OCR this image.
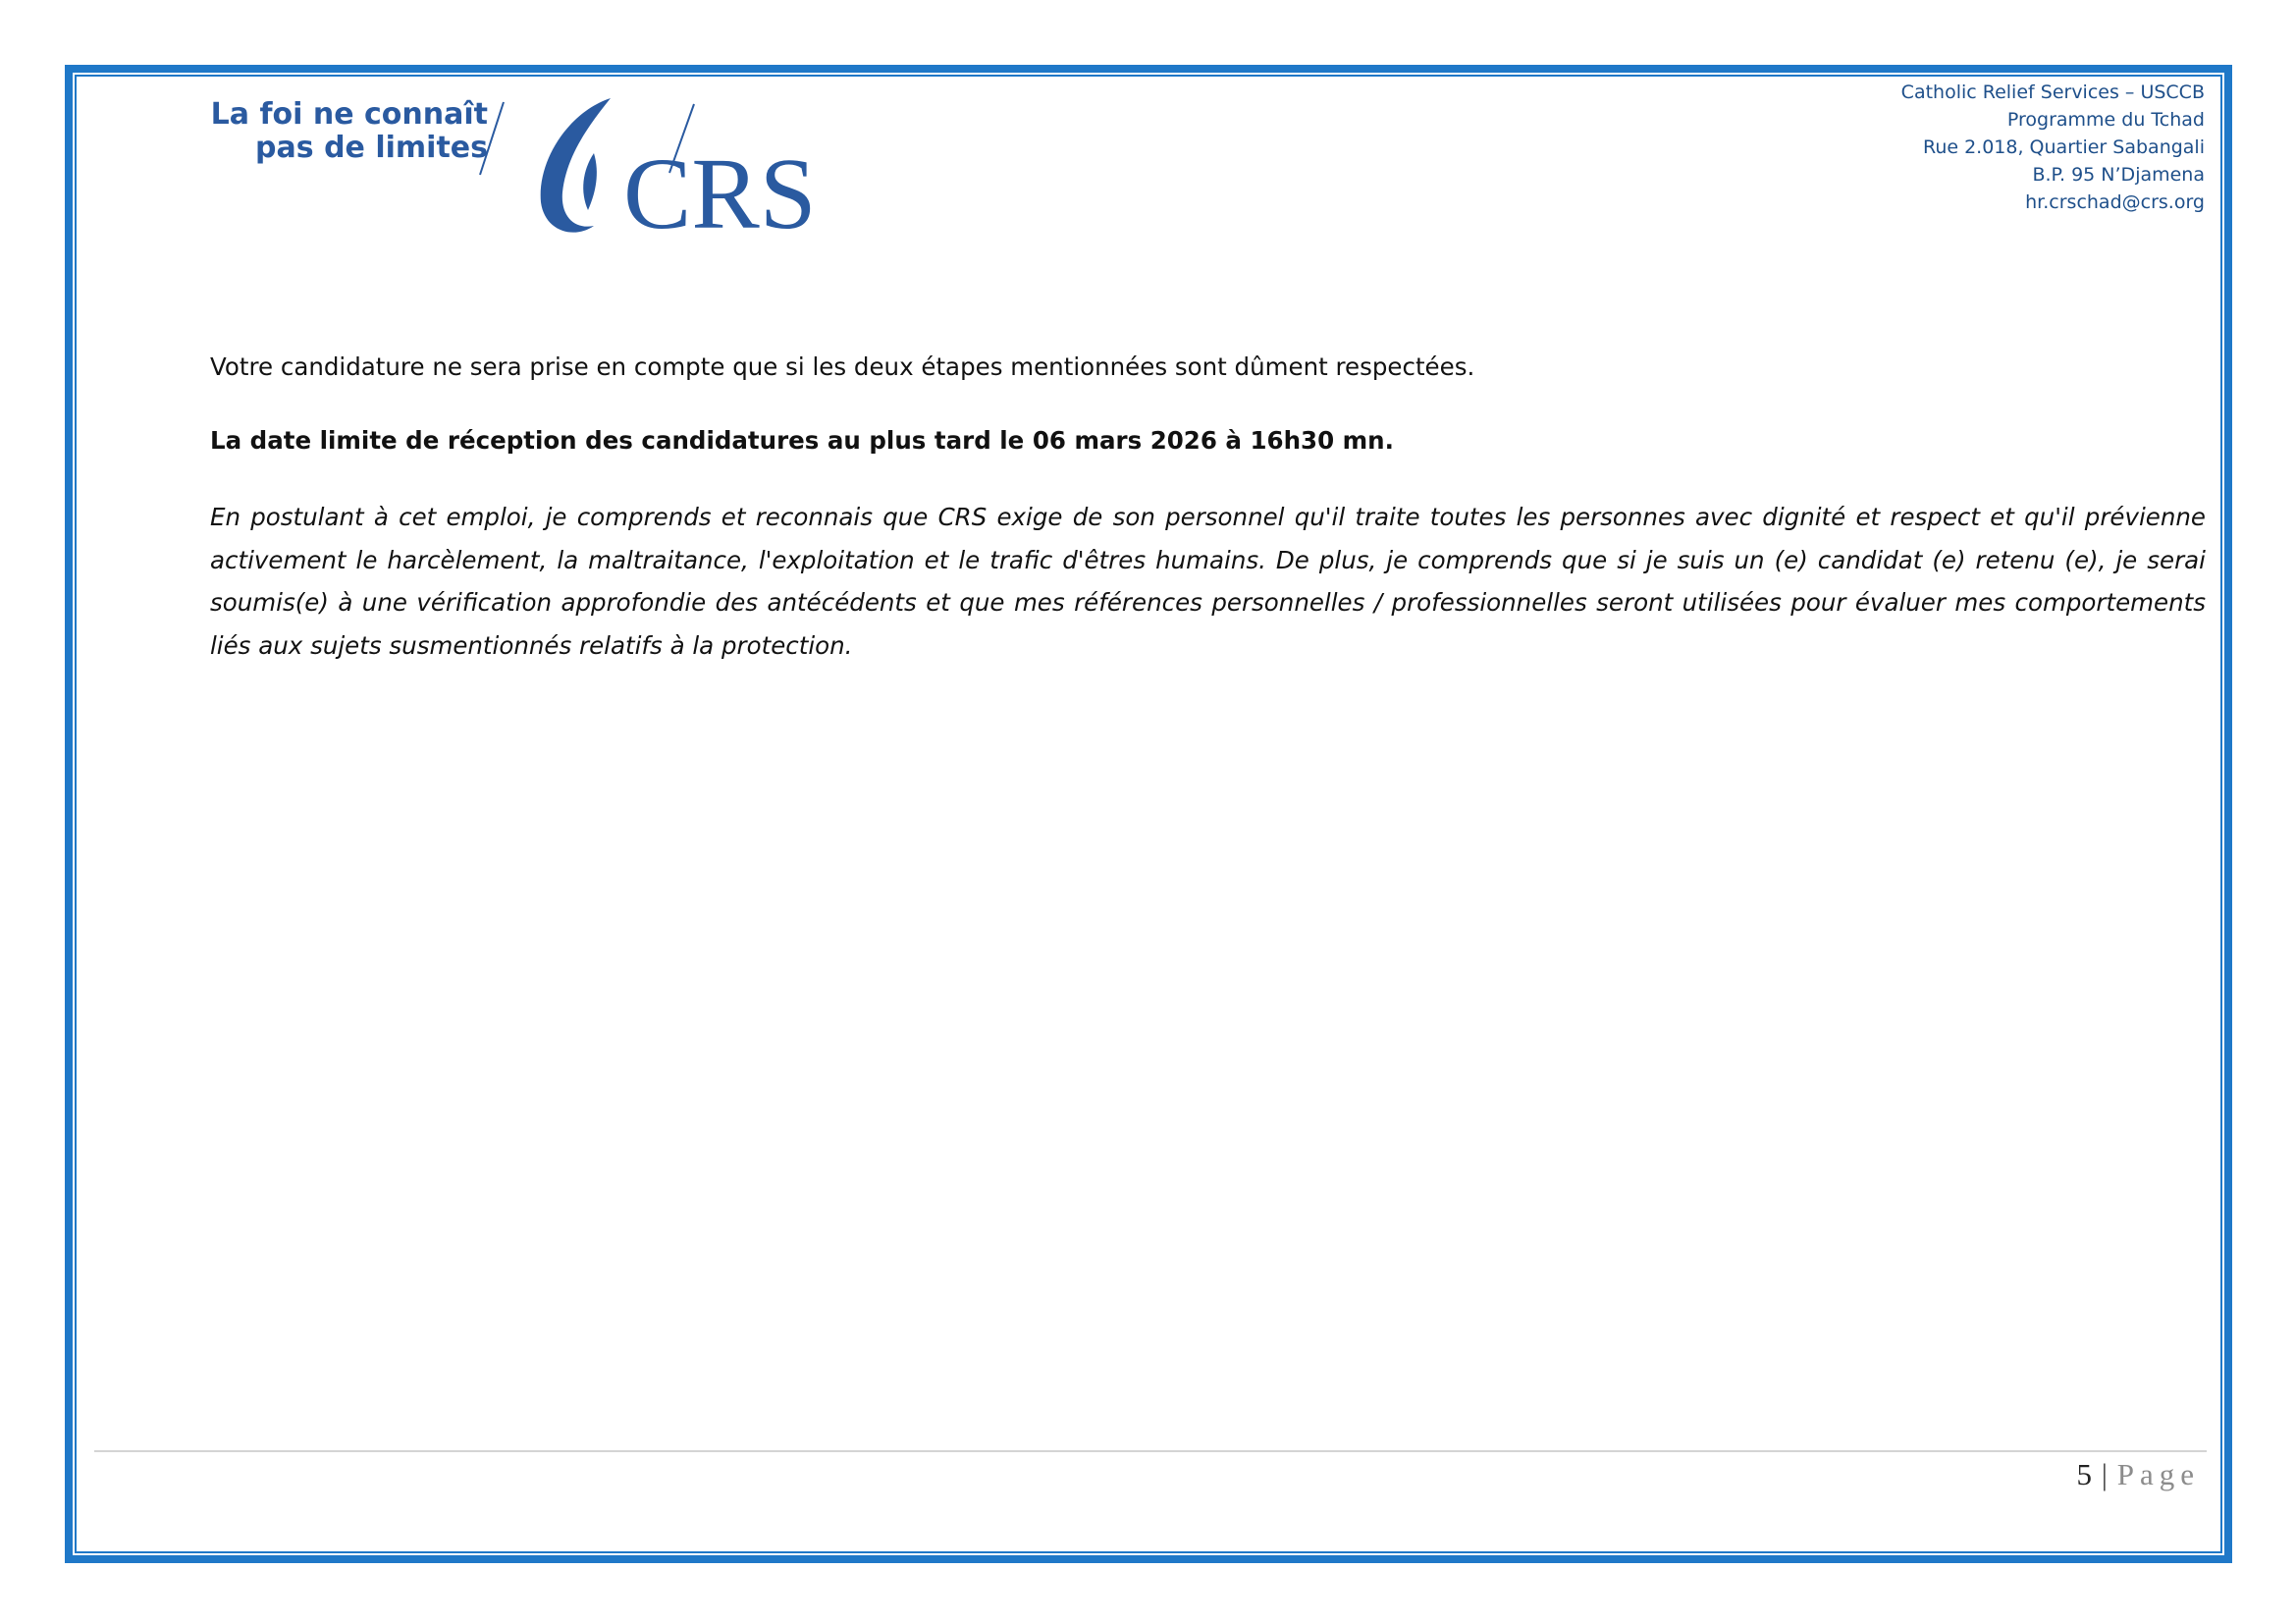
La foi ne connaît
pas de limites CRS
Catholic Relief Services – USCCB
Programme du Tchad
Rue 2.018, Quartier Sabangali
B.P. 95 N’Djamena
hr.crschad@crs.org
Votre candidature ne sera prise en compte que si les deux étapes mentionnées sont dûment respectées.
La date limite de réception des candidatures au plus tard le 06 mars 2026 à 16h30 mn.
En postulant à cet emploi, je comprends et reconnais que CRS exige de son personnel qu'il traite toutes les personnes avec dignité et respect et qu'il prévienne activement le harcèlement, la maltraitance, l'exploitation et le trafic d'êtres humains. De plus, je comprends que si je suis un (e) candidat (e) retenu (e), je serai soumis(e) à une vérification approfondie des antécédents et que mes références personnelles / professionnelles seront utilisées pour évaluer mes comportements liés aux sujets susmentionnés relatifs à la protection.
5 | Page
